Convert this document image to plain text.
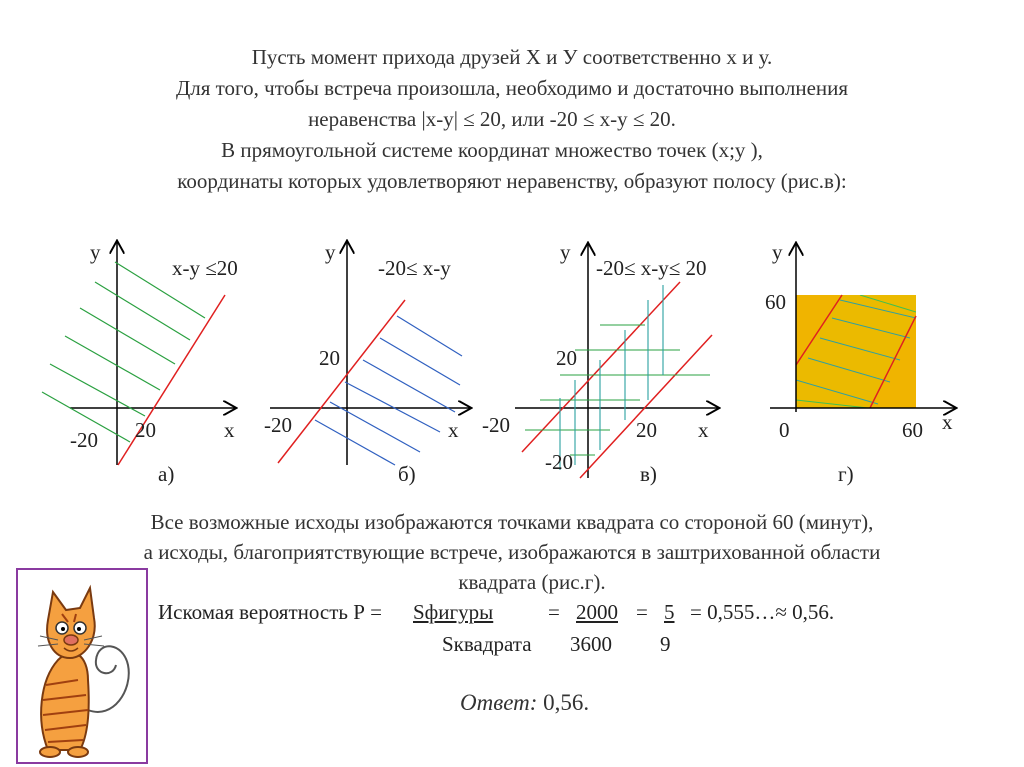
Пусть момент прихода друзей Х и У соответственно х и у.
Для того, чтобы встреча произошла, необходимо и достаточно выполнения
неравенства |х-у| ≤ 20, или -20 ≤ х-у ≤ 20.
В прямоугольной системе координат множество точек (х;у ),
координаты которых удовлетворяют неравенству, образуют полосу (рис.в):
у
х-у ≤20
-20 20	х
а)
у
-20≤ х-у
20
-20	х
б)
у
-20≤ х-у≤ 20
20
-20	20 х
-20	в)
у
60
0	60 х
г)
Все возможные исходы изображаются точками квадрата со стороной 60 (минут),
а исходы, благоприятствующие встрече, изображаются в заштрихованной области
квадрата (рис.г).
Искомая вероятность Р = Sфигуры	= 2000 = 5 = 0,555…≈ 0,56.
Sквадрата 3600 9
Ответ: 0,56.
